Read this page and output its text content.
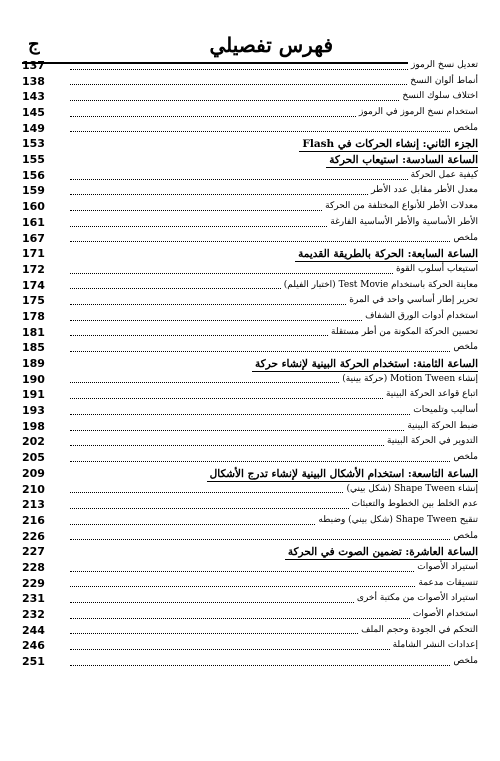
فهرس تفصيلي
ج
تعديل نسخ الرموز
137
أنماط ألوان النسخ
138
اختلاف سلوك النسخ
143
استخدام نسخ الرموز في الرموز
145
ملخص
149
الجزء الثاني: إنشاء الحركات في Flash
153
الساعة السادسة: استيعاب الحركة
155
كيفية عمل الحركة
156
معدل الأطر مقابل عدد الأطر
159
معدلات الأطر للأنواع المختلفة من الحركة
160
الأطر الأساسية والأطر الأساسية الفارغة
161
ملخص
167
الساعة السابعة: الحركة بالطريقة القديمة
171
استيعاب أسلوب القوة
172
معاينة الحركة باستخدام Test Movie (اختبار الفيلم)
174
تحرير إطار أساسي واحد في المرة
175
استخدام أدوات الورق الشفاف
178
تحسين الحركة المكونة من أطر مستقلة
181
ملخص
185
الساعة الثامنة: استخدام الحركة البينية لإنشاء حركة
189
إنشاء Motion Tween (حركة بينية)
190
اتباع قواعد الحركة البينية
191
أساليب وتلميحات
193
ضبط الحركة البينية
198
التدوير في الحركة البينية
202
ملخص
205
الساعة التاسعة: استخدام الأشكال البينية لإنشاء تدرج الأشكال
209
إنشاء Shape Tween (شكل بيني)
210
عدم الخلط بين الخطوط والتعبئات
213
تنقيح Shape Tween (شكل بيني) وضبطه
216
ملخص
226
الساعة العاشرة: تضمين الصوت في الحركة
227
استيراد الأصوات
228
تنسيقات مدعمة
229
استيراد الأصوات من مكتبة أخرى
231
استخدام الأصوات
232
التحكم في الجودة وحجم الملف
244
إعدادات النشر الشاملة
246
ملخص
251
